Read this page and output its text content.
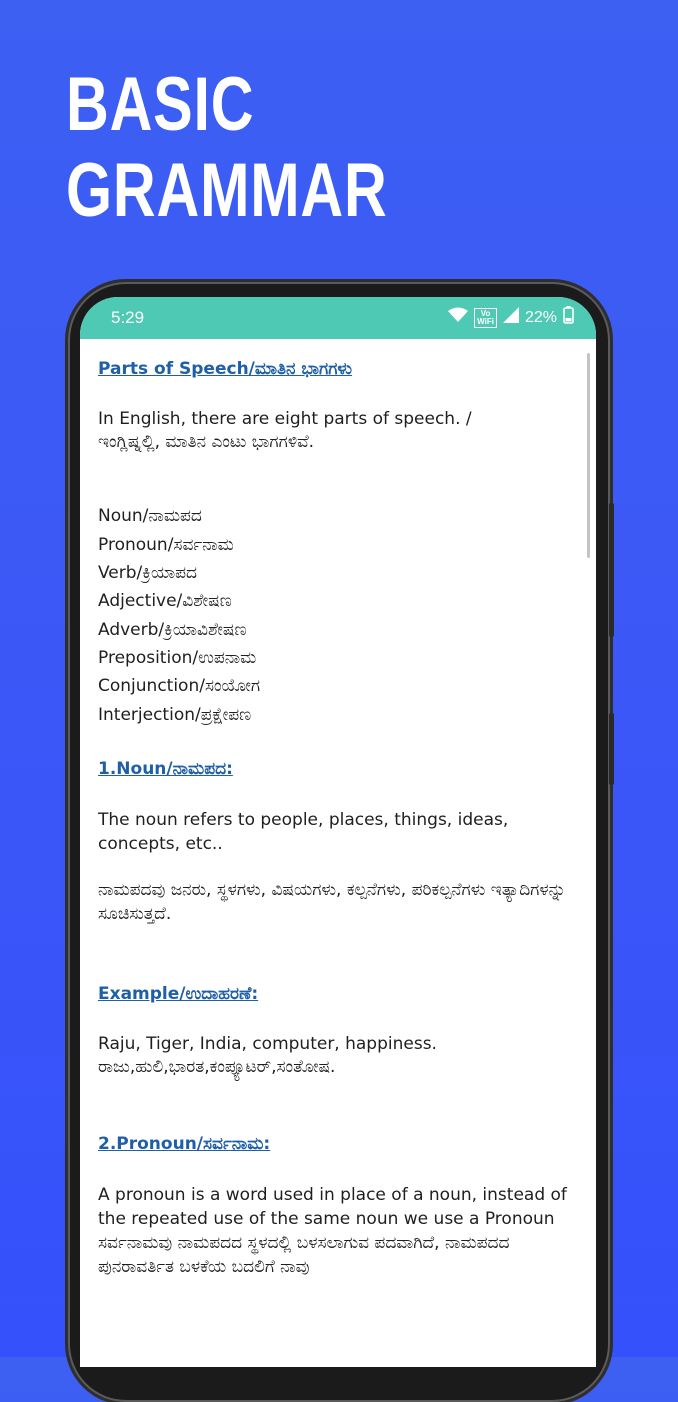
BASIC
GRAMMAR
5:29	Vo
WiFi 22%

Parts of Speech/ಮಾತಿನ ಭಾಗಗಳು

In English, there are eight parts of speech. /

ಇಂಗ್ಲಿಷ್ನಲ್ಲಿ, ಮಾತಿನ ಎಂಟು ಭಾಗಗಳಿವೆ.

Noun/ನಾಮಪದ

Pronoun/ಸರ್ವನಾಮ

Verb/ಕ್ರಿಯಾಪದ

Adjective/ವಿಶೇಷಣ

Adverb/ಕ್ರಿಯಾವಿಶೇಷಣ

Preposition/ಉಪನಾಮ

Conjunction/ಸಂಯೋಗ

Interjection/ಪ್ರಕ್ಷೇಪಣ

1.Noun/ನಾಮಪದ:

The noun refers to people, places, things, ideas, concepts, etc..

ನಾಮಪದವು ಜನರು, ಸ್ಥಳಗಳು, ವಿಷಯಗಳು, ಕಲ್ಪನೆಗಳು, ಪರಿಕಲ್ಪನೆಗಳು ಇತ್ಯಾದಿಗಳನ್ನು ಸೂಚಿಸುತ್ತದೆ.

Example/ಉದಾಹರಣೆ:

Raju, Tiger, India, computer, happiness.

ರಾಜು,ಹುಲಿ,ಭಾರತ,ಕಂಪ್ಯೂಟರ್,ಸಂತೋಷ.

2.Pronoun/ಸರ್ವನಾಮ:

A pronoun is a word used in place of a noun, instead of the repeated use of the same noun we use a Pronoun

ಸರ್ವನಾಮವು ನಾಮಪದದ ಸ್ಥಳದಲ್ಲಿ ಬಳಸಲಾಗುವ ಪದವಾಗಿದೆ, ನಾಮಪದದ ಪುನರಾವರ್ತಿತ ಬಳಕೆಯ ಬದಲಿಗೆ ನಾವು
